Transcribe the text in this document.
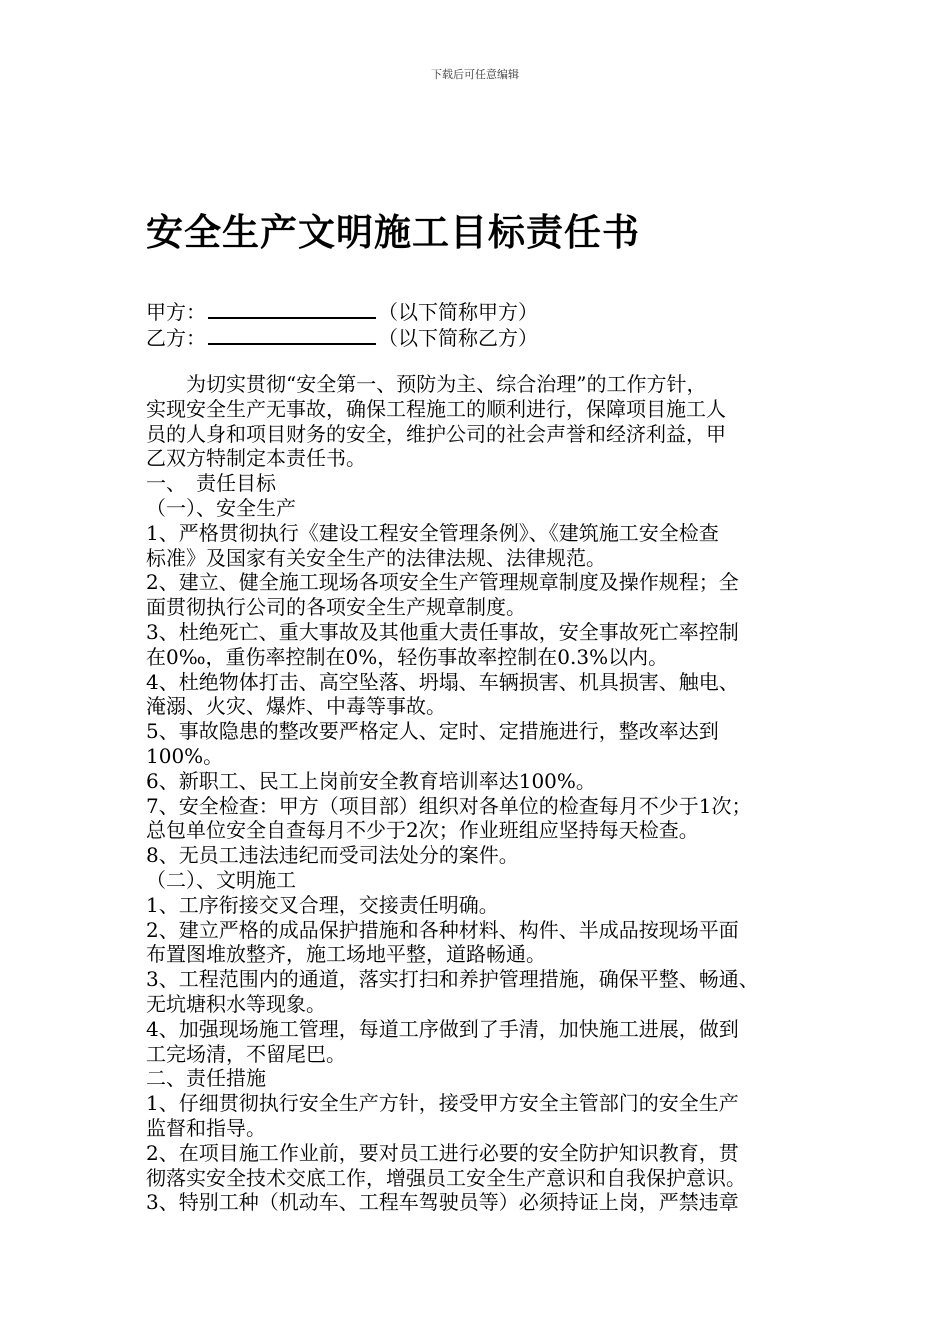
下载后可任意编辑
安全生产文明施工目标责任书
甲方：	（以下简称甲方）
乙方：	（以下简称乙方）

　　为切实贯彻“安全第一、预防为主、综合治理”的工作方针，

实现安全生产无事故，确保工程施工的顺利进行，保障项目施工人

员的人身和项目财务的安全，维护公司的社会声誉和经济利益，甲

乙双方特制定本责任书。

一、　责任目标

（一）、安全生产

1、严格贯彻执行《建设工程安全管理条例》、《建筑施工安全检查

标准》及国家有关安全生产的法律法规、法律规范。

2、建立、健全施工现场各项安全生产管理规章制度及操作规程；全

面贯彻执行公司的各项安全生产规章制度。

3、杜绝死亡、重大事故及其他重大责任事故，安全事故死亡率控制

在0‰，重伤率控制在0%，轻伤事故率控制在0.3%以内。

4、杜绝物体打击、高空坠落、坍塌、车辆损害、机具损害、触电、

淹溺、火灾、爆炸、中毒等事故。

5、事故隐患的整改要严格定人、定时、定措施进行，整改率达到

100%。

6、新职工、民工上岗前安全教育培训率达100%。

7、安全检查：甲方（项目部）组织对各单位的检查每月不少于1次；

总包单位安全自查每月不少于2次；作业班组应坚持每天检查。

8、无员工违法违纪而受司法处分的案件。

（二）、文明施工

1、工序衔接交叉合理，交接责任明确。

2、建立严格的成品保护措施和各种材料、构件、半成品按现场平面

布置图堆放整齐，施工场地平整，道路畅通。

3、工程范围内的通道，落实打扫和养护管理措施，确保平整、畅通、

无坑塘积水等现象。

4、加强现场施工管理，每道工序做到了手清，加快施工进展，做到

工完场清，不留尾巴。

二、责任措施

1、仔细贯彻执行安全生产方针，接受甲方安全主管部门的安全生产

监督和指导。

2、在项目施工作业前，要对员工进行必要的安全防护知识教育，贯

彻落实安全技术交底工作，增强员工安全生产意识和自我保护意识。

3、特别工种（机动车、工程车驾驶员等）必须持证上岗，严禁违章
